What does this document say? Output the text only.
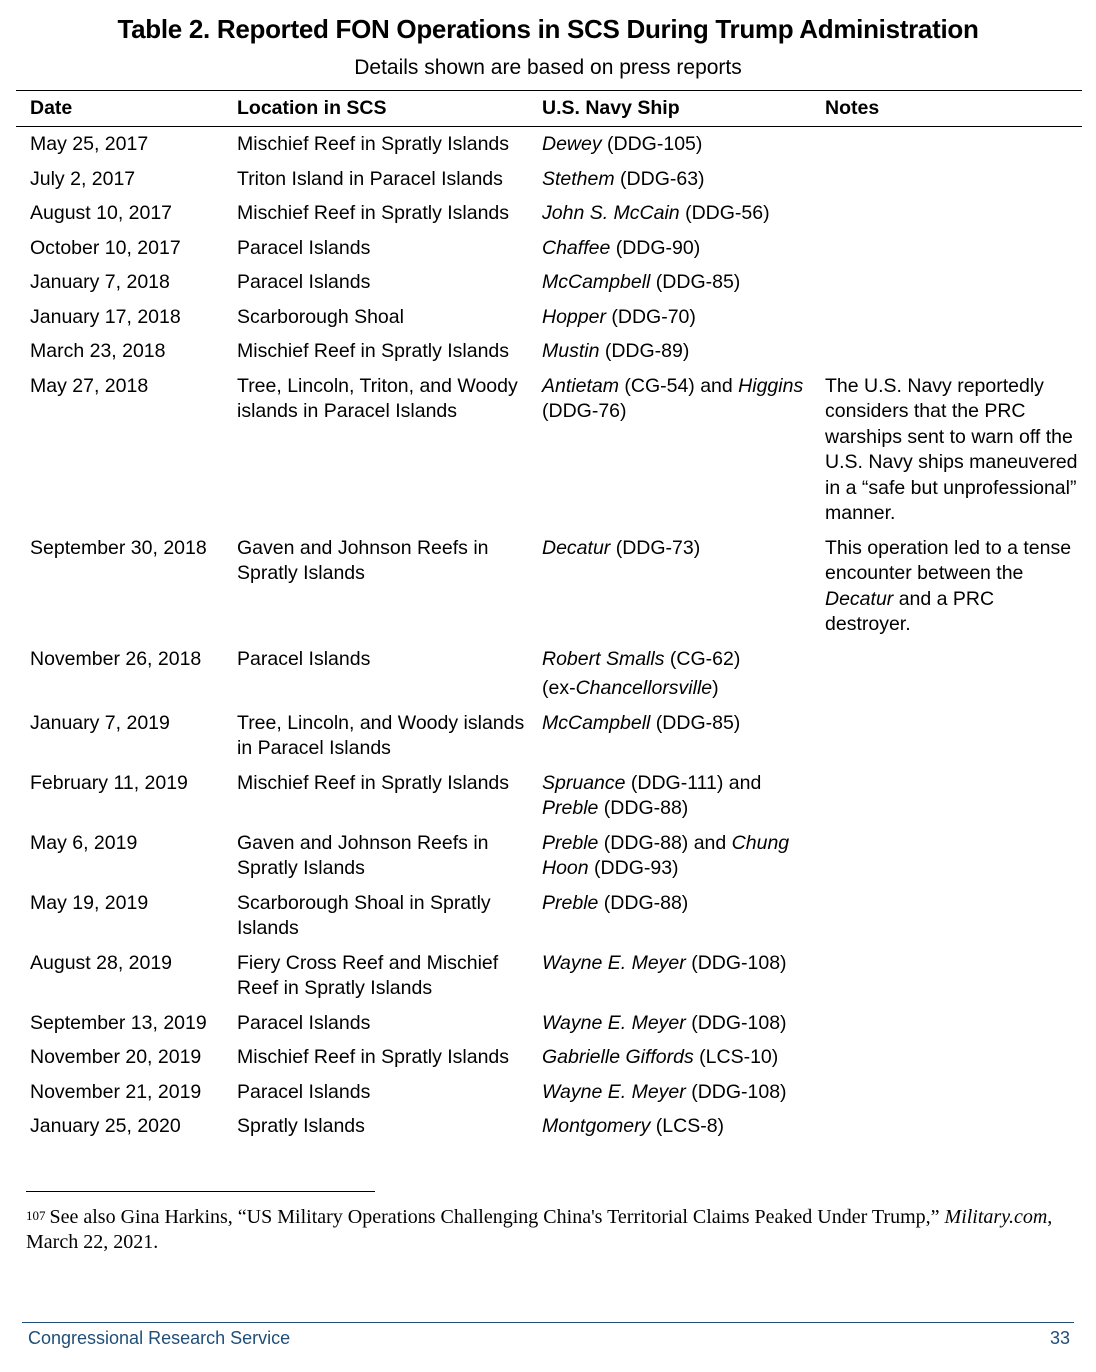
Table 2. Reported FON Operations in SCS During Trump Administration
Details shown are based on press reports
Date	Location in SCS	U.S. Navy Ship	Notes
May 25, 2017	Mischief Reef in Spratly Islands	Dewey (DDG-105)	
July 2, 2017	Triton Island in Paracel Islands	Stethem (DDG-63)	
August 10, 2017	Mischief Reef in Spratly Islands	John S. McCain (DDG-56)	
October 10, 2017	Paracel Islands	Chaffee (DDG-90)	
January 7, 2018	Paracel Islands	McCampbell (DDG-85)	
January 17, 2018	Scarborough Shoal	Hopper (DDG-70)	
March 23, 2018	Mischief Reef in Spratly Islands	Mustin (DDG-89)	
May 27, 2018	Tree, Lincoln, Triton, and Woody islands in Paracel Islands	Antietam (CG-54) and Higgins (DDG-76)	The U.S. Navy reportedly considers that the PRC warships sent to warn off the U.S. Navy ships maneuvered in a “safe but unprofessional” manner.
September 30, 2018	Gaven and Johnson Reefs in Spratly Islands	Decatur (DDG-73)	This operation led to a tense encounter between the Decatur and a PRC destroyer.
November 26, 2018	Paracel Islands	Robert Smalls (CG-62)
(ex-Chancellorsville)	

January 7, 2019	Tree, Lincoln, and Woody islands in Paracel Islands	McCampbell (DDG-85)	
February 11, 2019	Mischief Reef in Spratly Islands	Spruance (DDG-111) and Preble (DDG-88)	
May 6, 2019	Gaven and Johnson Reefs in Spratly Islands	Preble (DDG-88) and Chung Hoon (DDG-93)	
May 19, 2019	Scarborough Shoal in Spratly Islands	Preble (DDG-88)	
August 28, 2019	Fiery Cross Reef and Mischief Reef in Spratly Islands	Wayne E. Meyer (DDG-108)	
September 13, 2019	Paracel Islands	Wayne E. Meyer (DDG-108)	
November 20, 2019	Mischief Reef in Spratly Islands	Gabrielle Giffords (LCS-10)	
November 21, 2019	Paracel Islands	Wayne E. Meyer (DDG-108)	
January 25, 2020	Spratly Islands	Montgomery (LCS-8)	
$^{107}$ See also Gina Harkins, “US Military Operations Challenging China's Territorial Claims Peaked Under Trump,” Military.com, March 22, 2021.
Congressional Research Service	33
